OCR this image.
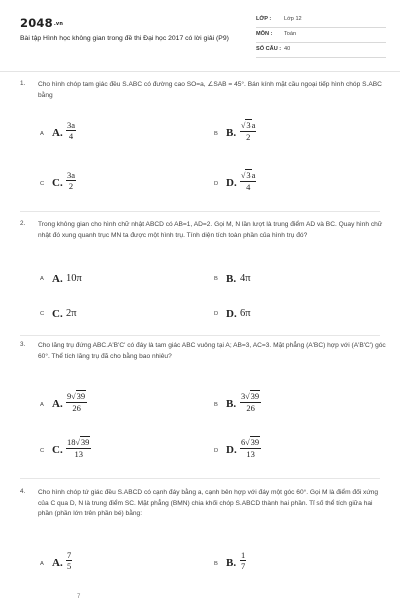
2048.vn
Bài tập Hình học không gian trong đề thi Đại học 2017 có lời giải (P9)
LỚP : Lớp 12
MÔN : Toán
SỐ CÂU : 40
1. Cho hình chóp tam giác đều S.ABC có đường cao SO=a, ∠SAB = 45°. Bán kính mặt cầu ngoại tiếp hình chóp S.ABC bằng
A A. $\frac{3a}{4}$	B B. $\frac{√3a}{2}$
C C. $\frac{3a}{2}$	D D. $\frac{√3a}{4}$
2. Trong không gian cho hình chữ nhật ABCD có AB=1, AD=2. Gọi M, N lần lượt là trung điểm AD và BC. Quay hình chữ nhật đó xung quanh trục MN ta được một hình trụ. Tính diện tích toàn phần của hình trụ đó?
A A. 10π	B B. 4π
C C. 2π	D D. 6π
3. Cho lăng trụ đứng ABC.A'B'C' có đáy là tam giác ABC vuông tại A; AB=3, AC=3. Mặt phẳng (A'BC) hợp với (A'B'C') góc 60°. Thể tích lăng trụ đã cho bằng bao nhiêu?
A A. $\frac{9√39}{26}$	B B. $\frac{3√39}{26}$
C C. $\frac{18√39}{13}$	D D. $\frac{6√39}{13}$
4. Cho hình chóp tứ giác đều S.ABCD có cạnh đáy bằng a, cạnh bên hợp với đáy một góc 60°. Gọi M là điểm đối xứng của C qua D, N là trung điểm SC. Mặt phẳng (BMN) chia khối chóp S.ABCD thành hai phần. Tỉ số thể tích giữa hai phần (phần lớn trên phần bé) bằng:
A A. $\frac{7}{5}$	B B. $\frac{1}{7}$
7
